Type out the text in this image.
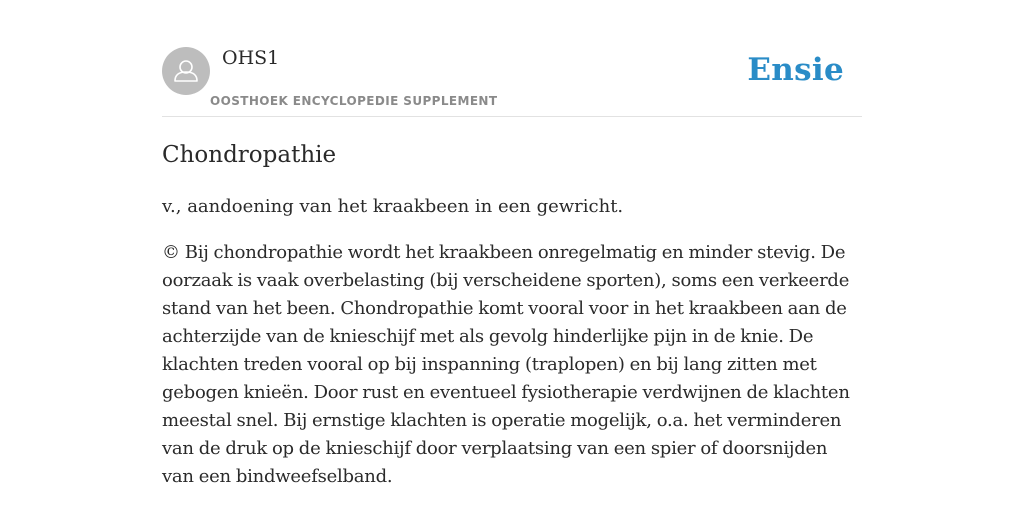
OHS1
OOSTHOEK ENCYCLOPEDIE SUPPLEMENT
Ensie
Chondropathie

v., aandoening van het kraakbeen in een gewricht.

© Bij chondropathie wordt het kraakbeen onregelmatig en minder stevig. De oorzaak is vaak overbelasting (bij verscheidene sporten), soms een verkeerde stand van het been. Chondropathie komt vooral voor in het kraakbeen aan de achterzijde van de knieschijf met als gevolg hinderlijke pijn in de knie. De klachten treden vooral op bij inspanning (traplopen) en bij lang zitten met gebogen knieën. Door rust en eventueel fysiotherapie verdwijnen de klachten meestal snel. Bij ernstige klachten is operatie mogelijk, o.a. het verminderen van de druk op de knieschijf door verplaatsing van een spier of doorsnijden van een bindweefselband.
